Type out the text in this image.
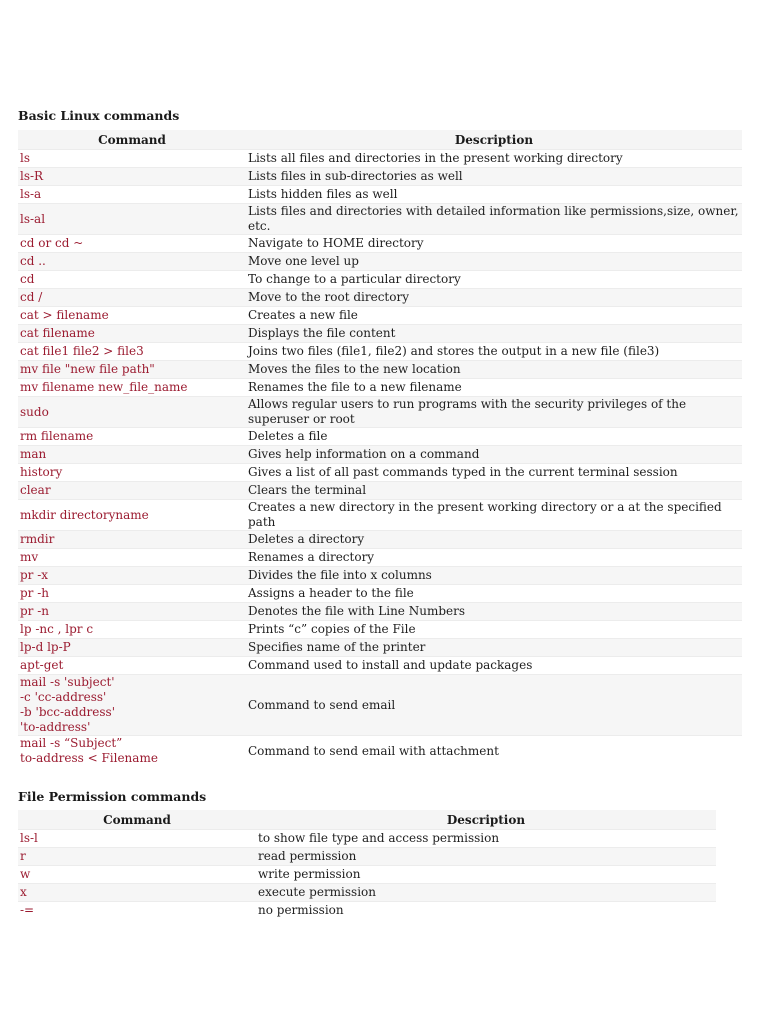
Basic Linux commands
Command	Description
ls	Lists all files and directories in the present working directory
ls-R	Lists files in sub-directories as well
ls-a	Lists hidden files as well
ls-al	Lists files and directories with detailed information like permissions,size, owner, etc.
cd or cd ~	Navigate to HOME directory
cd ..	Move one level up
cd	To change to a particular directory
cd /	Move to the root directory
cat > filename	Creates a new file
cat filename	Displays the file content
cat file1 file2 > file3	Joins two files (file1, file2) and stores the output in a new file (file3)
mv file "new file path"	Moves the files to the new location
mv filename new_file_name	Renames the file to a new filename
sudo	Allows regular users to run programs with the security privileges of the superuser or root
rm filename	Deletes a file
man	Gives help information on a command
history	Gives a list of all past commands typed in the current terminal session
clear	Clears the terminal
mkdir directoryname	Creates a new directory in the present working directory or a at the specified path
rmdir	Deletes a directory
mv	Renames a directory
pr -x	Divides the file into x columns
pr -h	Assigns a header to the file
pr -n	Denotes the file with Line Numbers
lp -nc , lpr c	Prints “c” copies of the File
lp-d lp-P	Specifies name of the printer
apt-get	Command used to install and update packages
mail -s 'subject'
-c 'cc-address'
-b 'bcc-address'
'to-address'	Command to send email
mail -s “Subject”
to-address < Filename	Command to send email with attachment
File Permission commands
Command	Description
ls-l	to show file type and access permission
r	read permission
w	write permission
x	execute permission
-=	no permission
